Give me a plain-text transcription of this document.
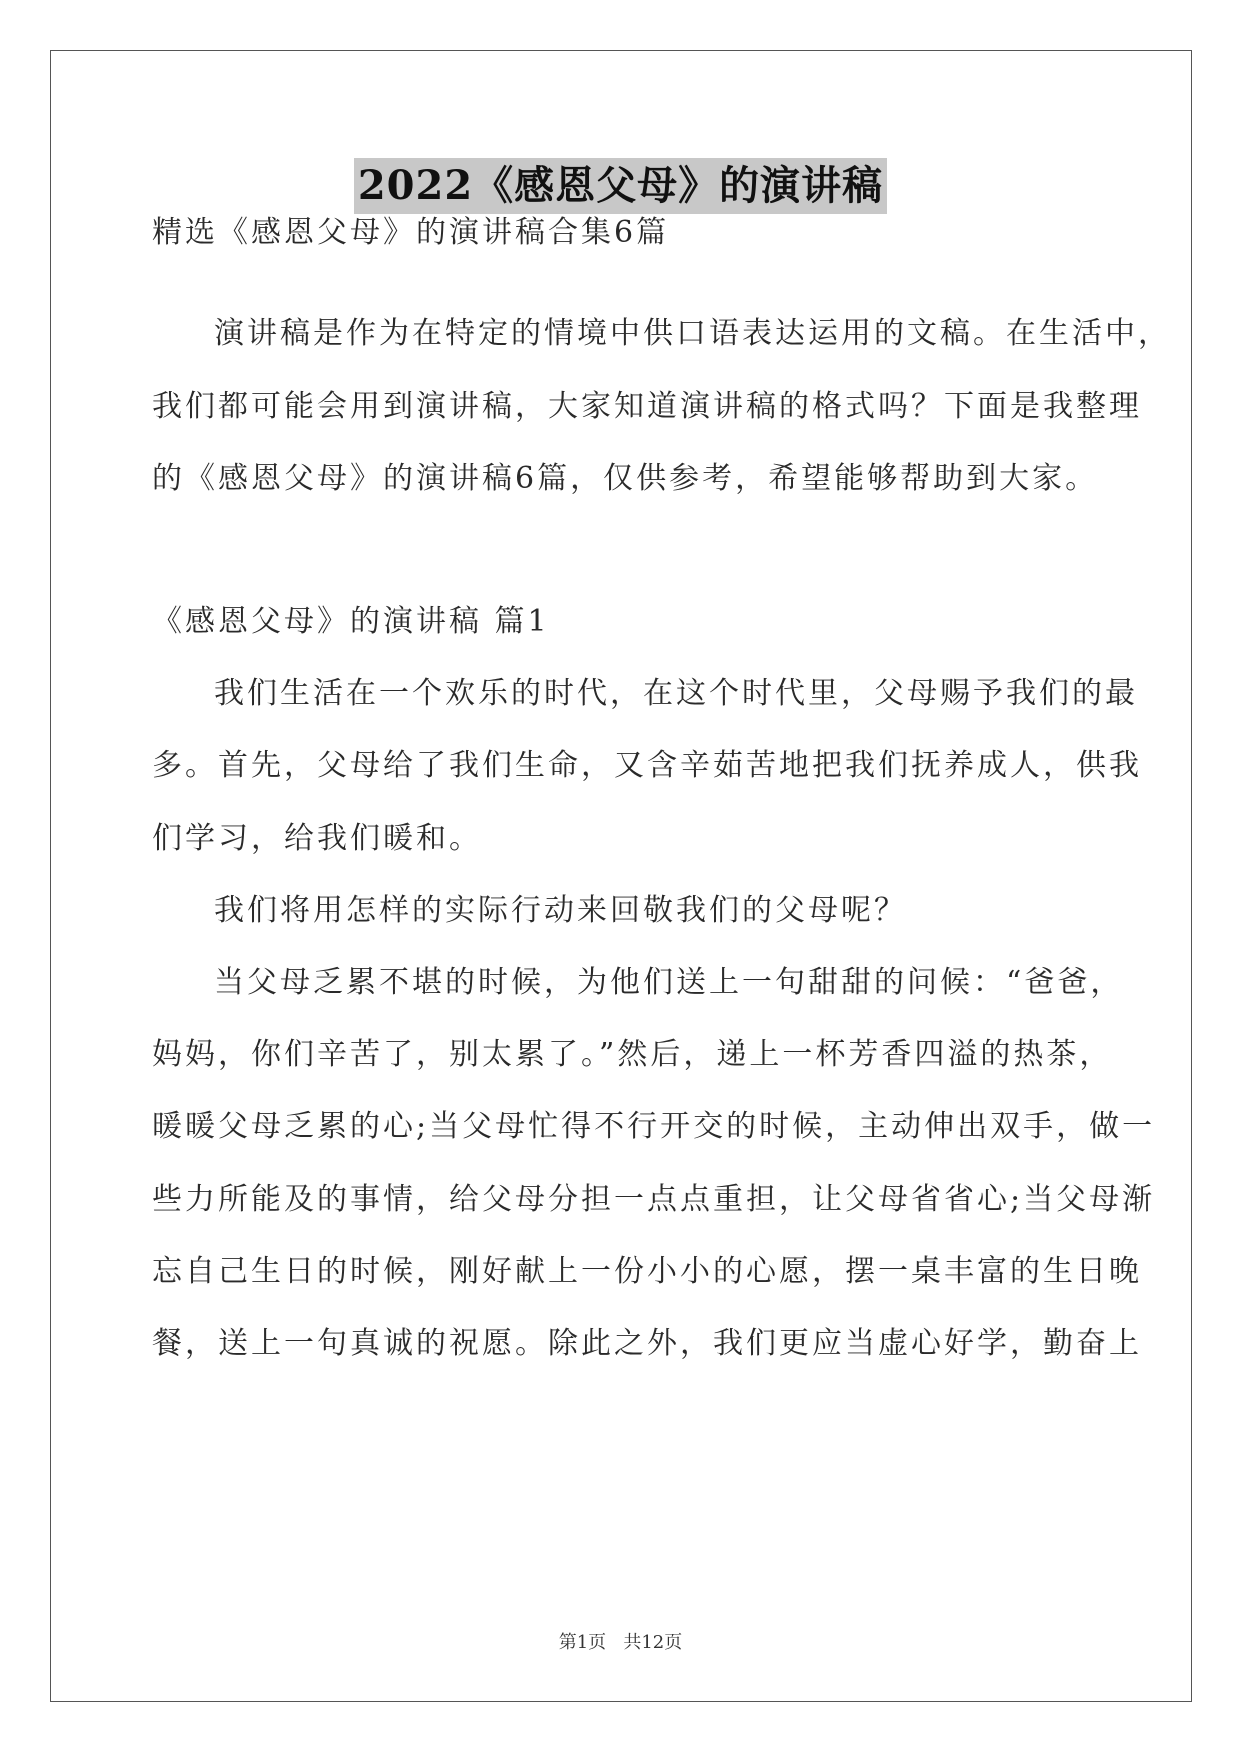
2022《感恩父母》的演讲稿
精选《感恩父母》的演讲稿合集6篇
演讲稿是作为在特定的情境中供口语表达运用的文稿。在生活中，
我们都可能会用到演讲稿，大家知道演讲稿的格式吗？下面是我整理
的《感恩父母》的演讲稿6篇，仅供参考，希望能够帮助到大家。
《感恩父母》的演讲稿 篇1
我们生活在一个欢乐的时代，在这个时代里，父母赐予我们的最
多。首先，父母给了我们生命，又含辛茹苦地把我们抚养成人，供我
们学习，给我们暖和。
我们将用怎样的实际行动来回敬我们的父母呢？
当父母乏累不堪的时候，为他们送上一句甜甜的问候：“爸爸，
妈妈，你们辛苦了，别太累了。”然后，递上一杯芳香四溢的热茶，
暖暖父母乏累的心;当父母忙得不行开交的时候，主动伸出双手，做一
些力所能及的事情，给父母分担一点点重担，让父母省省心;当父母渐
忘自己生日的时候，刚好献上一份小小的心愿，摆一桌丰富的生日晚
餐，送上一句真诚的祝愿。除此之外，我们更应当虚心好学，勤奋上
第1页   共12页
